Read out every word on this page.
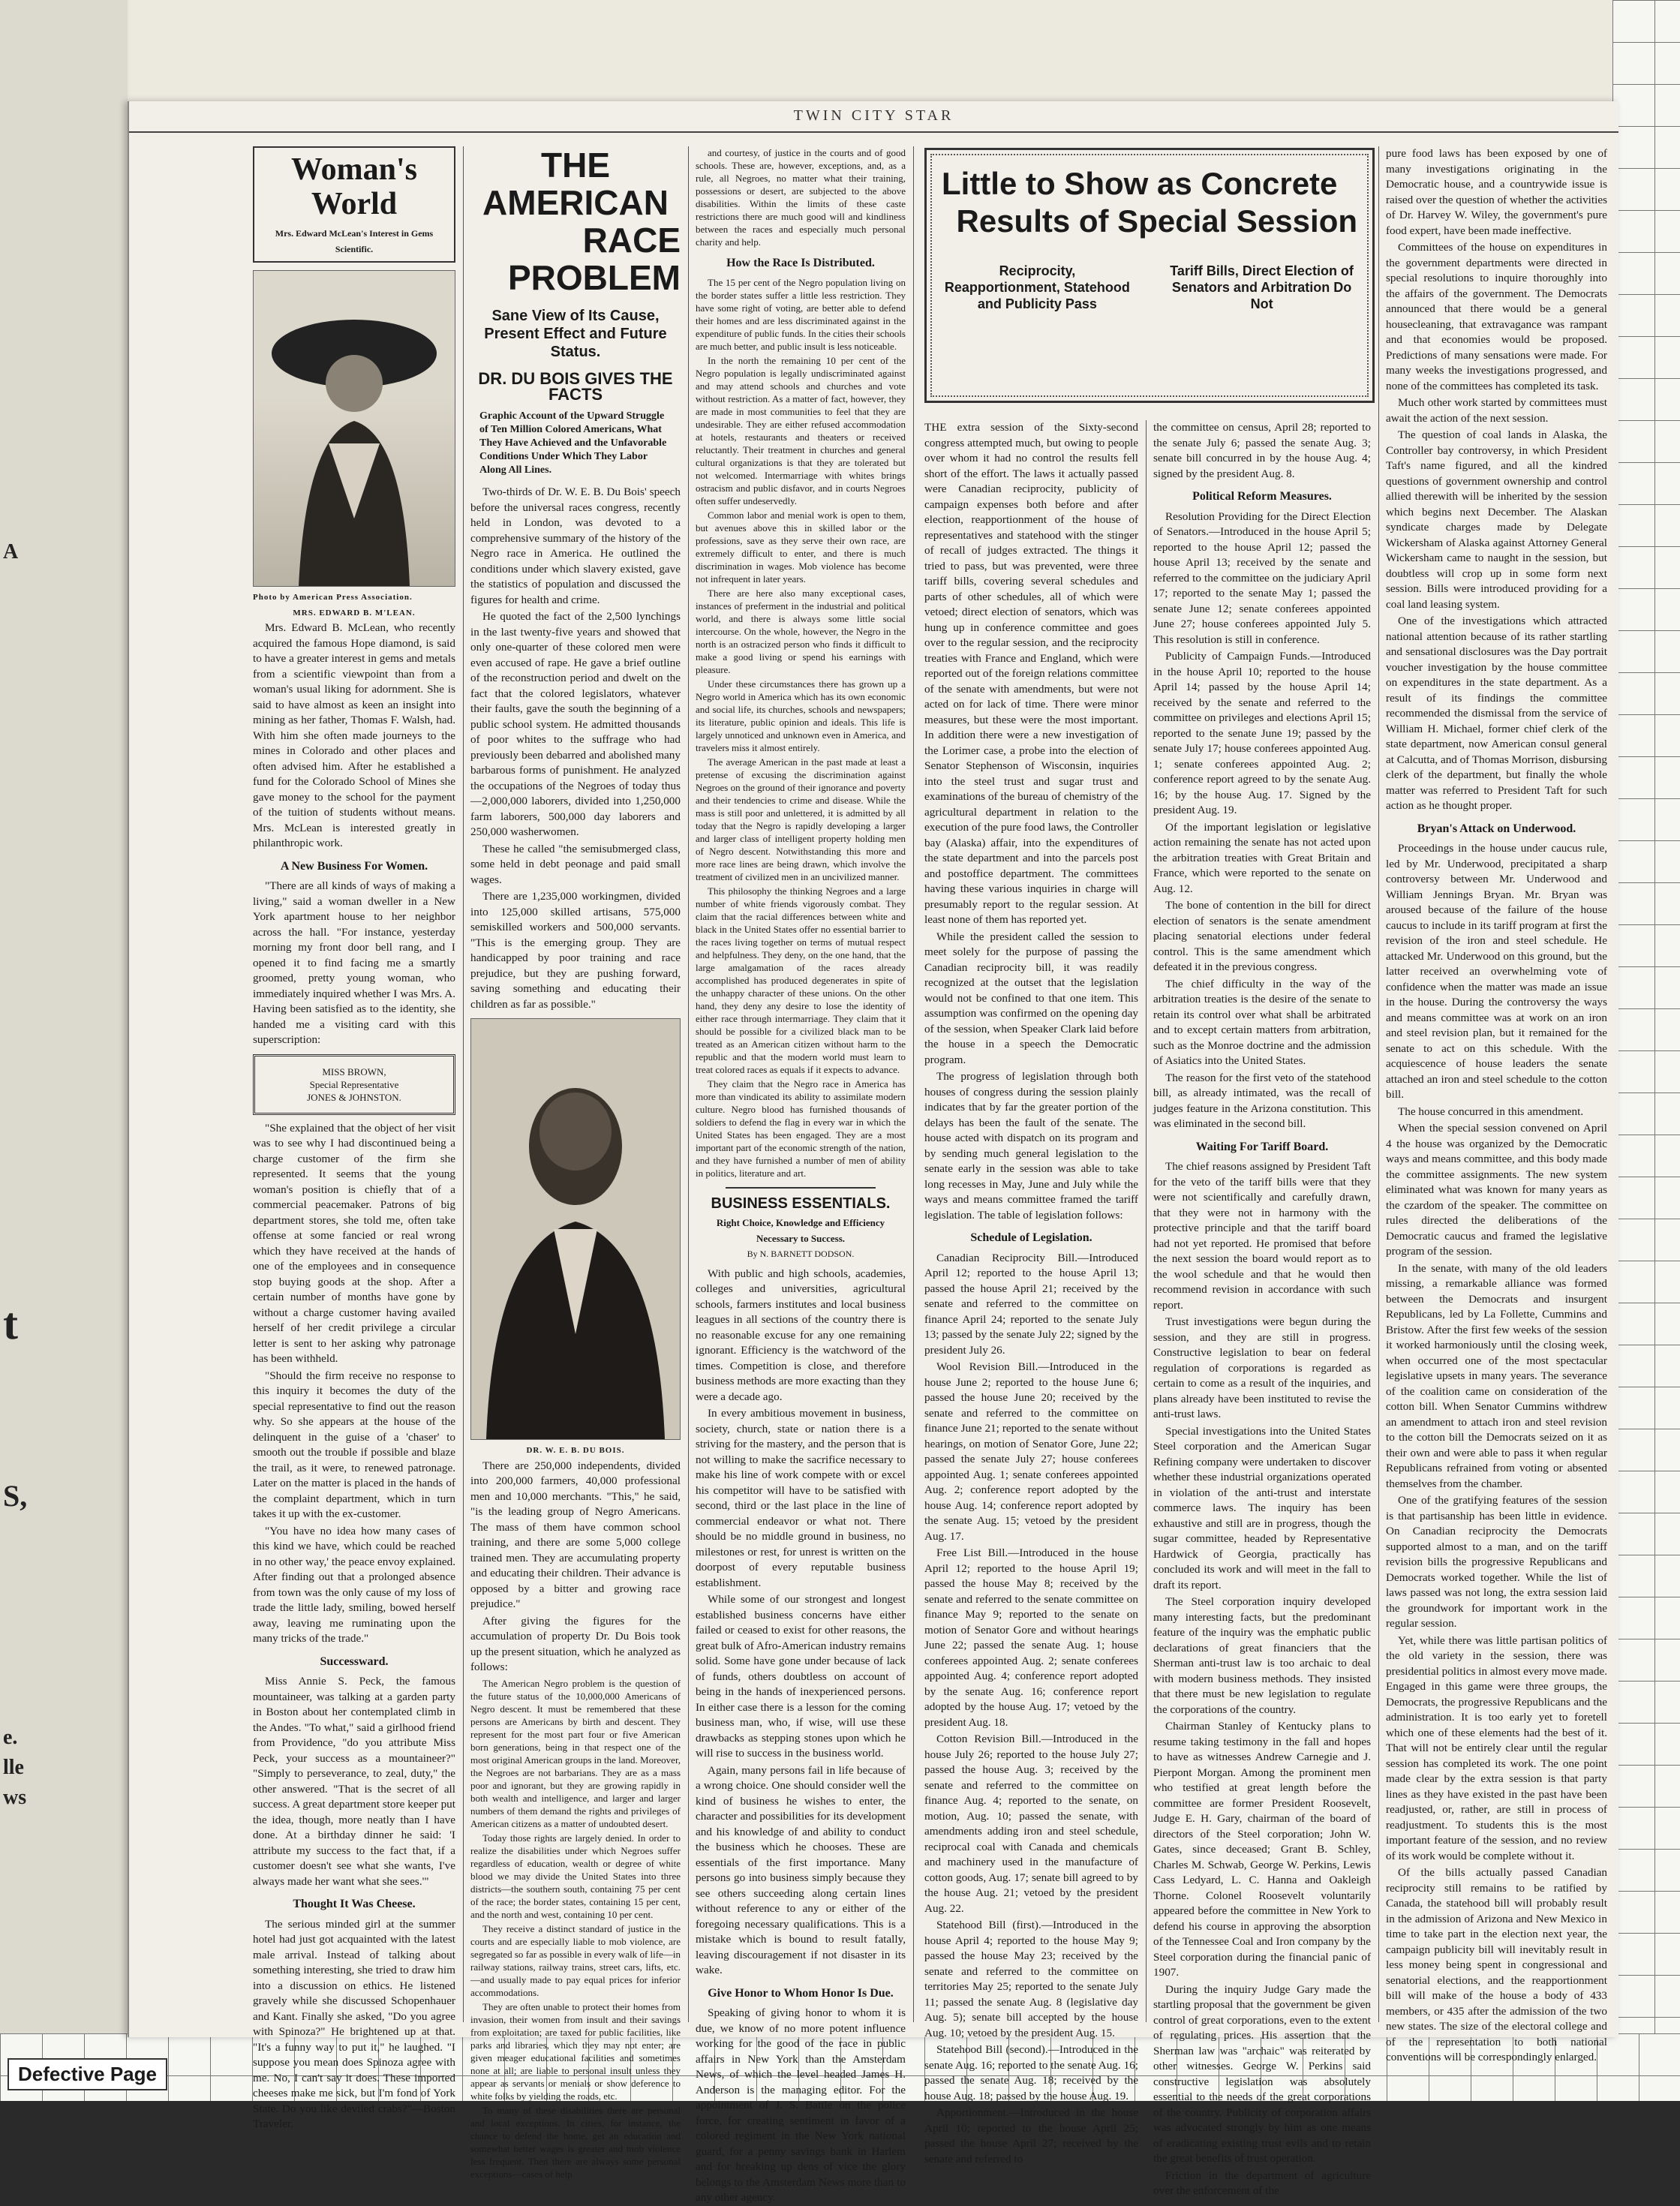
A
t
S,
e.
lle
ws
TWIN CITY STAR
Woman's World
Mrs. Edward McLean's Interest in Gems Scientific.
Photo by American Press Association.
MRS. EDWARD B. M'LEAN.

Mrs. Edward B. McLean, who recently acquired the famous Hope diamond, is said to have a greater interest in gems and metals from a scientific viewpoint than from a woman's usual liking for adornment. She is said to have almost as keen an insight into mining as her father, Thomas F. Walsh, had. With him she often made journeys to the mines in Colorado and other places and often advised him. After he established a fund for the Colorado School of Mines she gave money to the school for the payment of the tuition of students without means. Mrs. McLean is interested greatly in philanthropic work.

A New Business For Women.

"There are all kinds of ways of making a living," said a woman dweller in a New York apartment house to her neighbor across the hall. "For instance, yesterday morning my front door bell rang, and I opened it to find facing me a smartly groomed, pretty young woman, who immediately inquired whether I was Mrs. A. Having been satisfied as to the identity, she handed me a visiting card with this superscription:

MISS BROWN,
Special Representative
JONES & JOHNSTON.

"She explained that the object of her visit was to see why I had discontinued being a charge customer of the firm she represented. It seems that the young woman's position is chiefly that of a commercial peacemaker. Patrons of big department stores, she told me, often take offense at some fancied or real wrong which they have received at the hands of one of the employees and in consequence stop buying goods at the shop. After a certain number of months have gone by without a charge customer having availed herself of her credit privilege a circular letter is sent to her asking why patronage has been withheld.

"Should the firm receive no response to this inquiry it becomes the duty of the special representative to find out the reason why. So she appears at the house of the delinquent in the guise of a 'chaser' to smooth out the trouble if possible and blaze the trail, as it were, to renewed patronage. Later on the matter is placed in the hands of the complaint department, which in turn takes it up with the ex-customer.

"You have no idea how many cases of this kind we have, which could be reached in no other way,' the peace envoy explained. After finding out that a prolonged absence from town was the only cause of my loss of trade the little lady, smiling, bowed herself away, leaving me ruminating upon the many tricks of the trade."

Successward.

Miss Annie S. Peck, the famous mountaineer, was talking at a garden party in Boston about her contemplated climb in the Andes. "To what," said a girlhood friend from Providence, "do you attribute Miss Peck, your success as a mountaineer?" "Simply to perseverance, to zeal, duty," the other answered. "That is the secret of all success. A great department store keeper put the idea, though, more neatly than I have done. At a birthday dinner he said: 'I attribute my success to the fact that, if a customer doesn't see what she wants, I've always made her want what she sees.'"

Thought It Was Cheese.

The serious minded girl at the summer hotel had just got acquainted with the latest male arrival. Instead of talking about something interesting, she tried to draw him into a discussion on ethics. He listened gravely while she discussed Schopenhauer and Kant. Finally she asked, "Do you agree with Spinoza?" He brightened up at that. "It's a funny way to put it," he laughed. "I suppose you mean does Spinoza agree with me. No, I can't say it does. These imported cheeses make me sick, but I'm fond of York State. Do you like deviled crabs?"—Boston Traveler.

THE AMERICAN
RACE PROBLEM
Sane View of Its Cause, Present Effect and Future Status.
DR. DU BOIS GIVES THE FACTS
Graphic Account of the Upward Struggle of Ten Million Colored Americans, What They Have Achieved and the Unfavorable Conditions Under Which They Labor Along All Lines.

Two-thirds of Dr. W. E. B. Du Bois' speech before the universal races congress, recently held in London, was devoted to a comprehensive summary of the history of the Negro race in America. He outlined the conditions under which slavery existed, gave the statistics of population and discussed the figures for health and crime.

He quoted the fact of the 2,500 lynchings in the last twenty-five years and showed that only one-quarter of these colored men were even accused of rape. He gave a brief outline of the reconstruction period and dwelt on the fact that the colored legislators, whatever their faults, gave the south the beginning of a public school system. He admitted thousands of poor whites to the suffrage who had previously been debarred and abolished many barbarous forms of punishment. He analyzed the occupations of the Negroes of today thus—2,000,000 laborers, divided into 1,250,000 farm laborers, 500,000 day laborers and 250,000 washerwomen.

These he called "the semisubmerged class, some held in debt peonage and paid small wages.

There are 1,235,000 workingmen, divided into 125,000 skilled artisans, 575,000 semiskilled workers and 500,000 servants. "This is the emerging group. They are handicapped by poor training and race prejudice, but they are pushing forward, saving something and educating their children as far as possible."

DR. W. E. B. DU BOIS.

There are 250,000 independents, divided into 200,000 farmers, 40,000 professional men and 10,000 merchants. "This," he said, "is the leading group of Negro Americans. The mass of them have common school training, and there are some 5,000 college trained men. They are accumulating property and educating their children. Their advance is opposed by a bitter and growing race prejudice."

After giving the figures for the accumulation of property Dr. Du Bois took up the present situation, which he analyzed as follows:

The American Negro problem is the question of the future status of the 10,000,000 Americans of Negro descent. It must be remembered that these persons are Americans by birth and descent. They represent for the most part four or five American born generations, being in that respect one of the most original American groups in the land. Moreover, the Negroes are not barbarians. They are as a mass poor and ignorant, but they are growing rapidly in both wealth and intelligence, and larger and larger numbers of them demand the rights and privileges of American citizens as a matter of undoubted desert.

Today those rights are largely denied. In order to realize the disabilities under which Negroes suffer regardless of education, wealth or degree of white blood we may divide the United States into three districts—the southern south, containing 75 per cent of the race; the border states, containing 15 per cent, and the north and west, containing 10 per cent.

They receive a distinct standard of justice in the courts and are especially liable to mob violence, are segregated so far as possible in every walk of life—in railway stations, railway trains, street cars, lifts, etc.—and usually made to pay equal prices for inferior accommodations.

They are often unable to protect their homes from invasion, their women from insult and their savings from exploitation; are taxed for public facilities, like parks and libraries, which they may not enter; are given meager educational facilities and sometimes none at all; are liable to personal insult unless they appear as servants or menials or show deference to white folks by yielding the roads, etc.

To many of these disabilities there are personal and local exceptions. In cities, for instance, the chance to defend the home, get an education and somewhat better wages is greater and mob violence less frequent. Then there are always some personal exceptions—cases of help

and courtesy, of justice in the courts and of good schools. These are, however, exceptions, and, as a rule, all Negroes, no matter what their training, possessions or desert, are subjected to the above disabilities. Within the limits of these caste restrictions there are much good will and kindliness between the races and especially much personal charity and help.

How the Race Is Distributed.

The 15 per cent of the Negro population living on the border states suffer a little less restriction. They have some right of voting, are better able to defend their homes and are less discriminated against in the expenditure of public funds. In the cities their schools are much better, and public insult is less noticeable.

In the north the remaining 10 per cent of the Negro population is legally undiscriminated against and may attend schools and churches and vote without restriction. As a matter of fact, however, they are made in most communities to feel that they are undesirable. They are either refused accommodation at hotels, restaurants and theaters or received reluctantly. Their treatment in churches and general cultural organizations is that they are tolerated but not welcomed. Intermarriage with whites brings ostracism and public disfavor, and in courts Negroes often suffer undeservedly.

Common labor and menial work is open to them, but avenues above this in skilled labor or the professions, save as they serve their own race, are extremely difficult to enter, and there is much discrimination in wages. Mob violence has become not infrequent in later years.

There are here also many exceptional cases, instances of preferment in the industrial and political world, and there is always some little social intercourse. On the whole, however, the Negro in the north is an ostracized person who finds it difficult to make a good living or spend his earnings with pleasure.

Under these circumstances there has grown up a Negro world in America which has its own economic and social life, its churches, schools and newspapers; its literature, public opinion and ideals. This life is largely unnoticed and unknown even in America, and travelers miss it almost entirely.

The average American in the past made at least a pretense of excusing the discrimination against Negroes on the ground of their ignorance and poverty and their tendencies to crime and disease. While the mass is still poor and unlettered, it is admitted by all today that the Negro is rapidly developing a larger and larger class of intelligent property holding men of Negro descent. Notwithstanding this more and more race lines are being drawn, which involve the treatment of civilized men in an uncivilized manner.

This philosophy the thinking Negroes and a large number of white friends vigorously combat. They claim that the racial differences between white and black in the United States offer no essential barrier to the races living together on terms of mutual respect and helpfulness. They deny, on the one hand, that the large amalgamation of the races already accomplished has produced degenerates in spite of the unhappy character of these unions. On the other hand, they deny any desire to lose the identity of either race through intermarriage. They claim that it should be possible for a civilized black man to be treated as an American citizen without harm to the republic and that the modern world must learn to treat colored races as equals if it expects to advance.

They claim that the Negro race in America has more than vindicated its ability to assimilate modern culture. Negro blood has furnished thousands of soldiers to defend the flag in every war in which the United States has been engaged. They are a most important part of the economic strength of the nation, and they have furnished a number of men of ability in politics, literature and art.

BUSINESS ESSENTIALS.
Right Choice, Knowledge and Efficiency Necessary to Success.
By N. BARNETT DODSON.

With public and high schools, academies, colleges and universities, agricultural schools, farmers institutes and local business leagues in all sections of the country there is no reasonable excuse for any one remaining ignorant. Efficiency is the watchword of the times. Competition is close, and therefore business methods are more exacting than they were a decade ago.

In every ambitious movement in business, society, church, state or nation there is a striving for the mastery, and the person that is not willing to make the sacrifice necessary to make his line of work compete with or excel his competitor will have to be satisfied with second, third or the last place in the line of commercial endeavor or what not. There should be no middle ground in business, no milestones or rest, for unrest is written on the doorpost of every reputable business establishment.

While some of our strongest and longest established business concerns have either failed or ceased to exist for other reasons, the great bulk of Afro-American industry remains solid. Some have gone under because of lack of funds, others doubtless on account of being in the hands of inexperienced persons. In either case there is a lesson for the coming business man, who, if wise, will use these drawbacks as stepping stones upon which he will rise to success in the business world.

Again, many persons fail in life because of a wrong choice. One should consider well the kind of business he wishes to enter, the character and possibilities for its development and his knowledge of and ability to conduct the business which he chooses. These are essentials of the first importance. Many persons go into business simply because they see others succeeding along certain lines without reference to any or either of the foregoing necessary qualifications. This is a mistake which is bound to result fatally, leaving discouragement if not disaster in its wake.

Give Honor to Whom Honor Is Due.

Speaking of giving honor to whom it is due, we know of no more potent influence working for the good of the race in public affairs in New York than the Amsterdam News, of which the level headed James H. Anderson is the managing editor. For the appointment of J. S. Battle on the police force, for creating sentiment in favor of a colored regiment in the New York national guard, for a penny savings bank in Harlem and for breaking up dens of vice the glory belongs to the Amsterdam News more than to any other agency.

Little to Show as Concrete
Results of Special Session
Reciprocity, Reapportionment, Statehood and Publicity Pass
Tariff Bills, Direct Election of Senators and Arbitration Do Not

THE extra session of the Sixty-second congress attempted much, but owing to people over whom it had no control the results fell short of the effort. The laws it actually passed were Canadian reciprocity, publicity of campaign expenses both before and after election, reapportionment of the house of representatives and statehood with the stinger of recall of judges extracted. The things it tried to pass, but was prevented, were three tariff bills, covering several schedules and parts of other schedules, all of which were vetoed; direct election of senators, which was hung up in conference committee and goes over to the regular session, and the reciprocity treaties with France and England, which were reported out of the foreign relations committee of the senate with amendments, but were not acted on for lack of time. There were minor measures, but these were the most important. In addition there were a new investigation of the Lorimer case, a probe into the election of Senator Stephenson of Wisconsin, inquiries into the steel trust and sugar trust and examinations of the bureau of chemistry of the agricultural department in relation to the execution of the pure food laws, the Controller bay (Alaska) affair, into the expenditures of the state department and into the parcels post and postoffice department. The committees having these various inquiries in charge will presumably report to the regular session. At least none of them has reported yet.

While the president called the session to meet solely for the purpose of passing the Canadian reciprocity bill, it was readily recognized at the outset that the legislation would not be confined to that one item. This assumption was confirmed on the opening day of the session, when Speaker Clark laid before the house in a speech the Democratic program.

The progress of legislation through both houses of congress during the session plainly indicates that by far the greater portion of the delays has been the fault of the senate. The house acted with dispatch on its program and by sending much general legislation to the senate early in the session was able to take long recesses in May, June and July while the ways and means committee framed the tariff legislation. The table of legislation follows:

Schedule of Legislation.

Canadian Reciprocity Bill.—Introduced April 12; reported to the house April 13; passed the house April 21; received by the senate and referred to the committee on finance April 24; reported to the senate July 13; passed by the senate July 22; signed by the president July 26.

Wool Revision Bill.—Introduced in the house June 2; reported to the house June 6; passed the house June 20; received by the senate and referred to the committee on finance June 21; reported to the senate without hearings, on motion of Senator Gore, June 22; passed the senate July 27; house conferees appointed Aug. 1; senate conferees appointed Aug. 2; conference report adopted by the house Aug. 14; conference report adopted by the senate Aug. 15; vetoed by the president Aug. 17.

Free List Bill.—Introduced in the house April 12; reported to the house April 19; passed the house May 8; received by the senate and referred to the senate committee on finance May 9; reported to the senate on motion of Senator Gore and without hearings June 22; passed the senate Aug. 1; house conferees appointed Aug. 2; senate conferees appointed Aug. 4; conference report adopted by the senate Aug. 16; conference report adopted by the house Aug. 17; vetoed by the president Aug. 18.

Cotton Revision Bill.—Introduced in the house July 26; reported to the house July 27; passed the house Aug. 3; received by the senate and referred to the committee on finance Aug. 4; reported to the senate, on motion, Aug. 10; passed the senate, with amendments adding iron and steel schedule, reciprocal coal with Canada and chemicals and machinery used in the manufacture of cotton goods, Aug. 17; senate bill agreed to by the house Aug. 21; vetoed by the president Aug. 22.

Statehood Bill (first).—Introduced in the house April 4; reported to the house May 9; passed the house May 23; received by the senate and referred to the committee on territories May 25; reported to the senate July 11; passed the senate Aug. 8 (legislative day Aug. 5); senate bill accepted by the house Aug. 10; vetoed by the president Aug. 15.

Statehood Bill (second).—Introduced in the senate Aug. 16; reported to the senate Aug. 16; passed the senate Aug. 18; received by the house Aug. 18; passed by the house Aug. 19.

Apportionment.—Introduced in the house April 10; reported to the house April 25; passed the house April 27; received by the senate and referred to

the committee on census, April 28; reported to the senate July 6; passed the senate Aug. 3; senate bill concurred in by the house Aug. 4; signed by the president Aug. 8.

Political Reform Measures.

Resolution Providing for the Direct Election of Senators.—Introduced in the house April 5; reported to the house April 12; passed the house April 13; received by the senate and referred to the committee on the judiciary April 17; reported to the senate May 1; passed the senate June 12; senate conferees appointed June 27; house conferees appointed July 5. This resolution is still in conference.

Publicity of Campaign Funds.—Introduced in the house April 10; reported to the house April 14; passed by the house April 14; received by the senate and referred to the committee on privileges and elections April 15; reported to the senate June 19; passed by the senate July 17; house conferees appointed Aug. 1; senate conferees appointed Aug. 2; conference report agreed to by the senate Aug. 16; by the house Aug. 17. Signed by the president Aug. 19.

Of the important legislation or legislative action remaining the senate has not acted upon the arbitration treaties with Great Britain and France, which were reported to the senate on Aug. 12.

The bone of contention in the bill for direct election of senators is the senate amendment placing senatorial elections under federal control. This is the same amendment which defeated it in the previous congress.

The chief difficulty in the way of the arbitration treaties is the desire of the senate to retain its control over what shall be arbitrated and to except certain matters from arbitration, such as the Monroe doctrine and the admission of Asiatics into the United States.

The reason for the first veto of the statehood bill, as already intimated, was the recall of judges feature in the Arizona constitution. This was eliminated in the second bill.

Waiting For Tariff Board.

The chief reasons assigned by President Taft for the veto of the tariff bills were that they were not scientifically and carefully drawn, that they were not in harmony with the protective principle and that the tariff board had not yet reported. He promised that before the next session the board would report as to the wool schedule and that he would then recommend revision in accordance with such report.

Trust investigations were begun during the session, and they are still in progress. Constructive legislation to bear on federal regulation of corporations is regarded as certain to come as a result of the inquiries, and plans already have been instituted to revise the anti-trust laws.

Special investigations into the United States Steel corporation and the American Sugar Refining company were undertaken to discover whether these industrial organizations operated in violation of the anti-trust and interstate commerce laws. The inquiry has been exhaustive and still are in progress, though the sugar committee, headed by Representative Hardwick of Georgia, practically has concluded its work and will meet in the fall to draft its report.

The Steel corporation inquiry developed many interesting facts, but the predominant feature of the inquiry was the emphatic public declarations of great financiers that the Sherman anti-trust law is too archaic to deal with modern business methods. They insisted that there must be new legislation to regulate the corporations of the country.

Chairman Stanley of Kentucky plans to resume taking testimony in the fall and hopes to have as witnesses Andrew Carnegie and J. Pierpont Morgan. Among the prominent men who testified at great length before the committee are former President Roosevelt, Judge E. H. Gary, chairman of the board of directors of the Steel corporation; John W. Gates, since deceased; Grant B. Schley, Charles M. Schwab, George W. Perkins, Lewis Cass Ledyard, L. C. Hanna and Oakleigh Thorne. Colonel Roosevelt voluntarily appeared before the committee in New York to defend his course in approving the absorption of the Tennessee Coal and Iron company by the Steel corporation during the financial panic of 1907.

During the inquiry Judge Gary made the startling proposal that the government be given control of great corporations, even to the extent of regulating prices. His assertion that the Sherman law was "archaic" was reiterated by other witnesses. George W. Perkins said constructive legislation was absolutely essential to the needs of the great corporations of the country. Publicity of corporation affairs was advocated strongly by him as one means of eradicating existing trust evils and to retain the great benefits of trust operation.

Friction in the department of agriculture over the enforcement of the

pure food laws has been exposed by one of many investigations originating in the Democratic house, and a countrywide issue is raised over the question of whether the activities of Dr. Harvey W. Wiley, the government's pure food expert, have been made ineffective.

Committees of the house on expenditures in the government departments were directed in special resolutions to inquire thoroughly into the affairs of the government. The Democrats announced that there would be a general housecleaning, that extravagance was rampant and that economies would be proposed. Predictions of many sensations were made. For many weeks the investigations progressed, and none of the committees has completed its task.

Much other work started by committees must await the action of the next session.

The question of coal lands in Alaska, the Controller bay controversy, in which President Taft's name figured, and all the kindred questions of government ownership and control allied therewith will be inherited by the session which begins next December. The Alaskan syndicate charges made by Delegate Wickersham of Alaska against Attorney General Wickersham came to naught in the session, but doubtless will crop up in some form next session. Bills were introduced providing for a coal land leasing system.

One of the investigations which attracted national attention because of its rather startling and sensational disclosures was the Day portrait voucher investigation by the house committee on expenditures in the state department. As a result of its findings the committee recommended the dismissal from the service of William H. Michael, former chief clerk of the state department, now American consul general at Calcutta, and of Thomas Morrison, disbursing clerk of the department, but finally the whole matter was referred to President Taft for such action as he thought proper.

Bryan's Attack on Underwood.

Proceedings in the house under caucus rule, led by Mr. Underwood, precipitated a sharp controversy between Mr. Underwood and William Jennings Bryan. Mr. Bryan was aroused because of the failure of the house caucus to include in its tariff program at first the revision of the iron and steel schedule. He attacked Mr. Underwood on this ground, but the latter received an overwhelming vote of confidence when the matter was made an issue in the house. During the controversy the ways and means committee was at work on an iron and steel revision plan, but it remained for the senate to act on this schedule. With the acquiescence of house leaders the senate attached an iron and steel schedule to the cotton bill.

The house concurred in this amendment.

When the special session convened on April 4 the house was organized by the Democratic ways and means committee, and this body made the committee assignments. The new system eliminated what was known for many years as the czardom of the speaker. The committee on rules directed the deliberations of the Democratic caucus and framed the legislative program of the session.

In the senate, with many of the old leaders missing, a remarkable alliance was formed between the Democrats and insurgent Republicans, led by La Follette, Cummins and Bristow. After the first few weeks of the session it worked harmoniously until the closing week, when occurred one of the most spectacular legislative upsets in many years. The severance of the coalition came on consideration of the cotton bill. When Senator Cummins withdrew an amendment to attach iron and steel revision to the cotton bill the Democrats seized on it as their own and were able to pass it when regular Republicans refrained from voting or absented themselves from the chamber.

One of the gratifying features of the session is that partisanship has been little in evidence. On Canadian reciprocity the Democrats supported almost to a man, and on the tariff revision bills the progressive Republicans and Democrats worked together. While the list of laws passed was not long, the extra session laid the groundwork for important work in the regular session.

Yet, while there was little partisan politics of the old variety in the session, there was presidential politics in almost every move made. Engaged in this game were three groups, the Democrats, the progressive Republicans and the administration. It is too early yet to foretell which one of these elements had the best of it. That will not be entirely clear until the regular session has completed its work. The one point made clear by the extra session is that party lines as they have existed in the past have been readjusted, or, rather, are still in process of readjustment. To students this is the most important feature of the session, and no review of its work would be complete without it.

Of the bills actually passed Canadian reciprocity still remains to be ratified by Canada, the statehood bill will probably result in the admission of Arizona and New Mexico in time to take part in the election next year, the campaign publicity bill will inevitably result in less money being spent in congressional and senatorial elections, and the reapportionment bill will make of the house a body of 433 members, or 435 after the admission of the two new states. The size of the electoral college and of the representation to both national conventions will be correspondingly enlarged.

Defective Page
